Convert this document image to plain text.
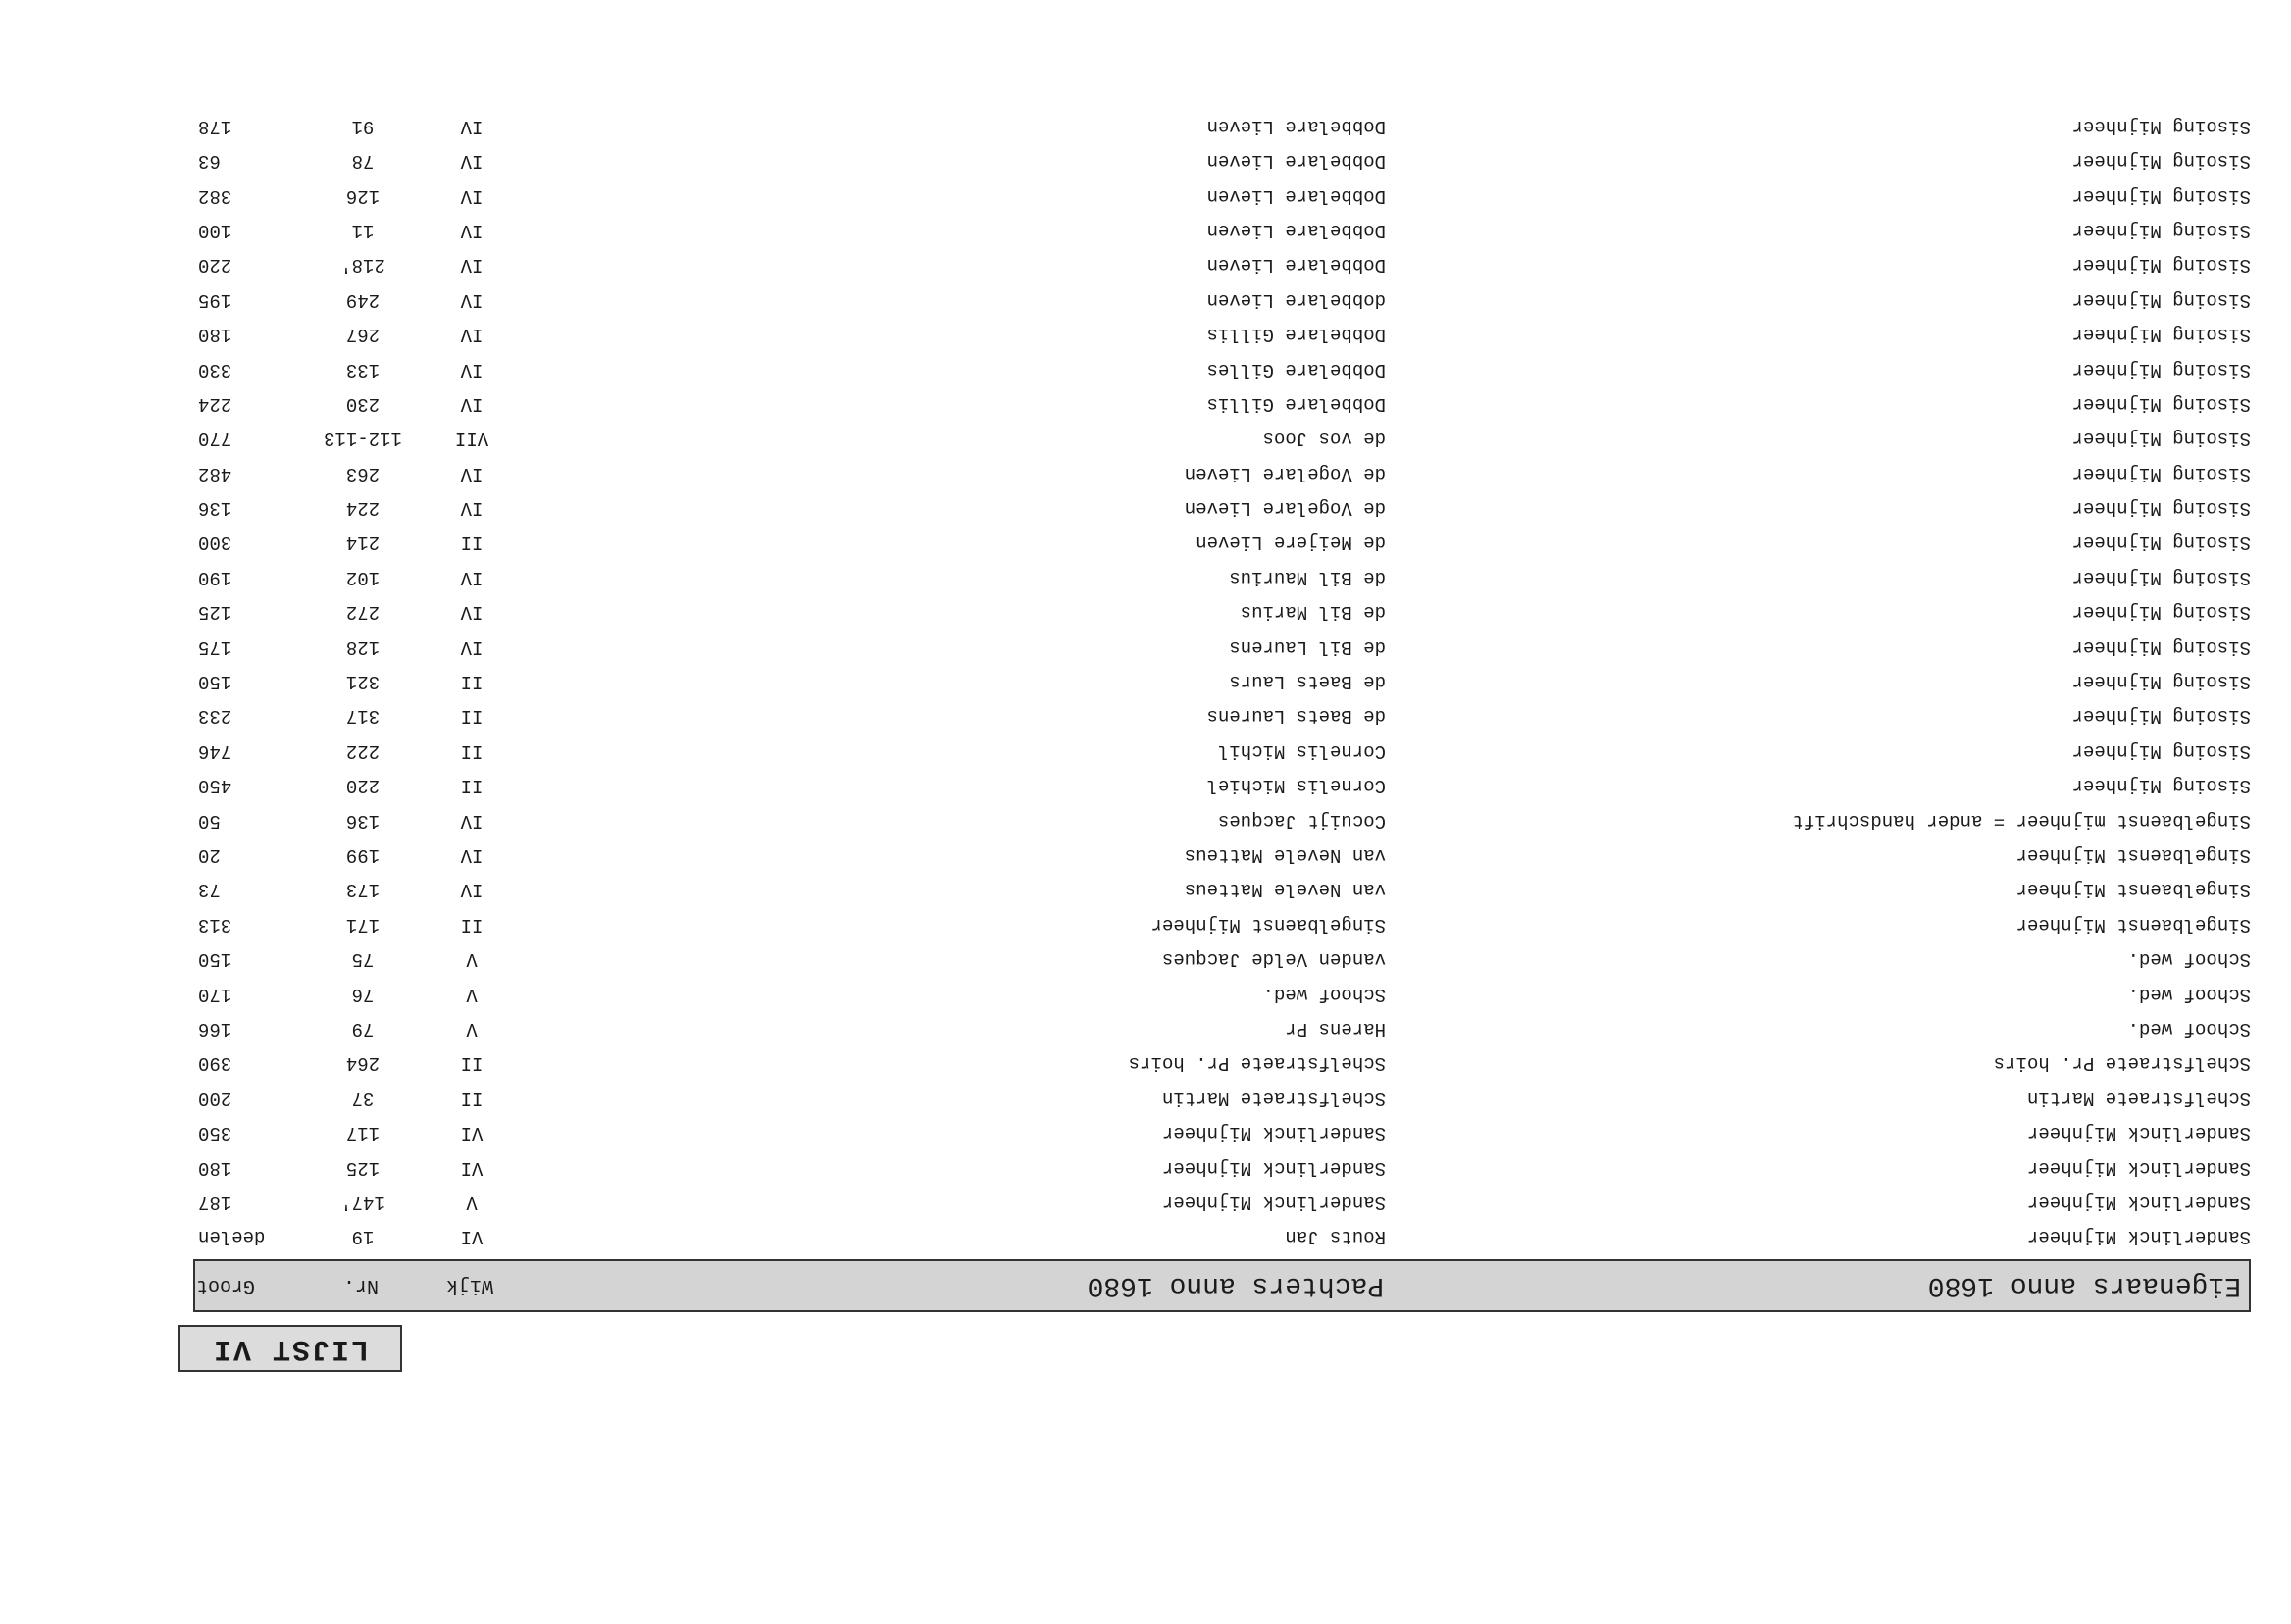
LIJST VI
Eigenaars anno 1680
Pachters anno 1680
Wijk
Nr.
Groot
Sanderlinck Mijnheer
Routs Jan
VI
19
deelen
Sanderlinck Mijnheer
Sanderlinck Mijnheer
V
147'
187
Sanderlinck Mijnheer
Sanderlinck Mijnheer
VI
125
180
Sanderlinck Mijnheer
Sanderlinck Mijnheer
VI
117
350
Schelfstraete Martin
Schelfstraete Martin
II
37
200
Schelfstraete Pr. hoirs
Schelfstraete Pr. hoirs
II
264
390
Schoof wed.
Harens Pr
V
79
166
Schoof wed.
Schoof wed.
V
76
170
Schoof wed.
vanden Velde Jacques
V
75
150
Singelbaenst Mijnheer
Singelbaenst Mijnheer
II
171
313
Singelbaenst Mijnheer
van Nevele Matteus
IV
173
73
Singelbaenst Mijnheer
van Nevele Matteus
IV
199
20
Singelbaenst mijnheer = ander handschrift
Cocuijt Jacques
IV
136
50
Sisoing Mijnheer
Cornelis Michiel
II
220
450
Sisoing Mijnheer
Cornelis Michil
II
222
746
Sisoing Mijnheer
de Baets Laurens
II
317
233
Sisoing Mijnheer
de Baets Laurs
II
321
150
Sisoing Mijnheer
de Bil Laurens
IV
128
175
Sisoing Mijnheer
de Bil Marius
IV
272
125
Sisoing Mijnheer
de Bil Maurius
IV
102
190
Sisoing Mijnheer
de Meijere Lieven
II
214
300
Sisoing Mijnheer
de Vogelare Lieven
IV
224
136
Sisoing Mijnheer
de Vogelare Lieven
IV
263
482
Sisoing Mijnheer
de vos Joos
VII
112-113
770
Sisoing Mijnheer
Dobbelare Gillis
IV
230
224
Sisoing Mijnheer
Dobbelare Gilles
IV
133
330
Sisoing Mijnheer
Dobbelare Gillis
IV
267
180
Sisoing Mijnheer
dobbelare Lieven
IV
249
195
Sisoing Mijnheer
Dobbelare Lieven
IV
218'
220
Sisoing Mijnheer
Dobbelare Lieven
IV
11
100
Sisoing Mijnheer
Dobbelare Lieven
IV
126
382
Sisoing Mijnheer
Dobbelare Lieven
IV
78
63
Sisoing Mijnheer
Dobbelare Lieven
IV
91
178
